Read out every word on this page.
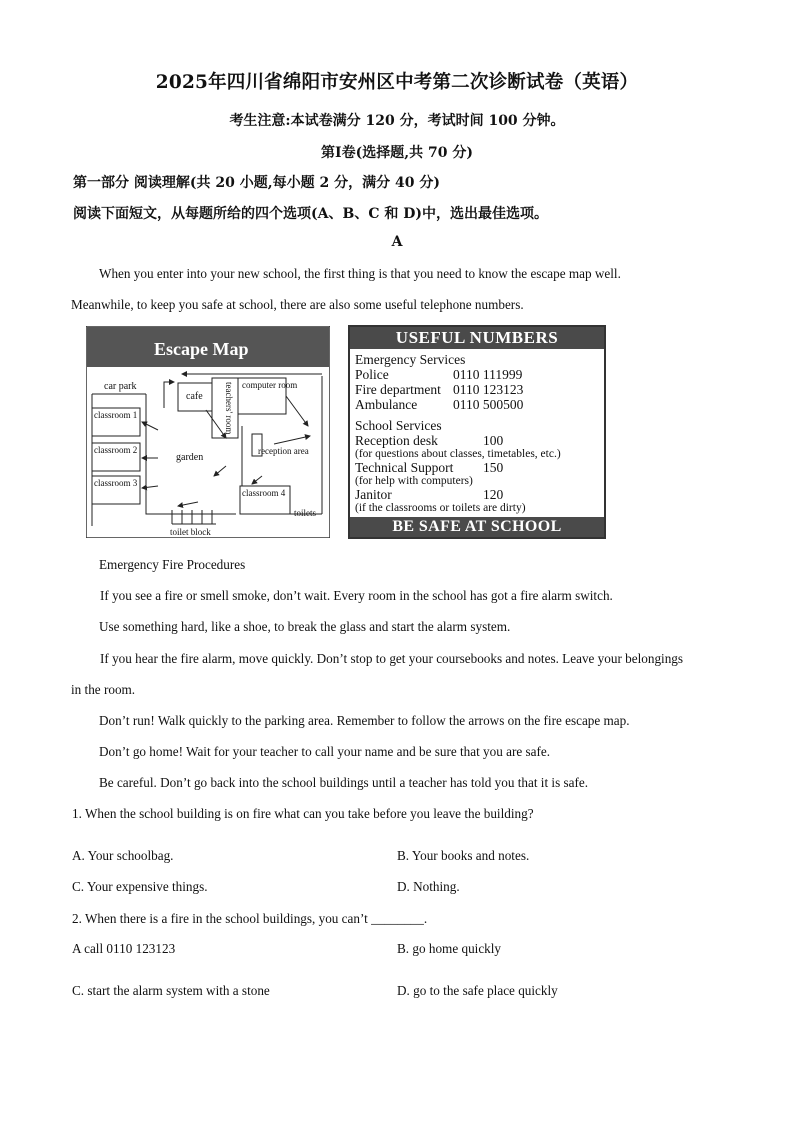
2025年四川省绵阳市安州区中考第二次诊断试卷（英语）
考生注意:本试卷满分 120 分，考试时间 100 分钟。
第Ⅰ卷(选择题,共 70 分)
第一部分 阅读理解(共 20 小题,每小题 2 分，满分 40 分)
阅读下面短文，从每题所给的四个选项(A、B、C 和 D)中，选出最佳选项。
A
When you enter into your new school, the first thing is that you need to know the escape map well.
Meanwhile, to keep you safe at school, there are also some useful telephone numbers.
Escape Map
car park
classroom 1
classroom 2
classroom 3
cafe teachers' room computer room
garden
reception area
classroom 4
toilets
toilet block
USEFUL NUMBERS
Emergency Services
Police	0110 111999
Fire department 0110 123123
Ambulance	0110 500500
School Services
Reception desk	100
(for questions about classes, timetables, etc.)
Technical Support	150
(for help with computers)
Janitor	120
(if the classrooms or toilets are dirty)
BE SAFE AT SCHOOL
Emergency Fire Procedures
If you see a fire or smell smoke, don’t wait. Every room in the school has got a fire alarm switch.
Use something hard, like a shoe, to break the glass and start the alarm system.
If you hear the fire alarm, move quickly. Don’t stop to get your coursebooks and notes. Leave your belongings
in the room.
Don’t run! Walk quickly to the parking area. Remember to follow the arrows on the fire escape map.
Don’t go home! Wait for your teacher to call your name and be sure that you are safe.
Be careful. Don’t go back into the school buildings until a teacher has told you that it is safe.
1. When the school building is on fire what can you take before you leave the building?
A. Your schoolbag.	B. Your books and notes.
C. Your expensive things.	D. Nothing.
2. When there is a fire in the school buildings, you can’t ________.
A call 0110 123123	B. go home quickly
C. start the alarm system with a stone	D. go to the safe place quickly
